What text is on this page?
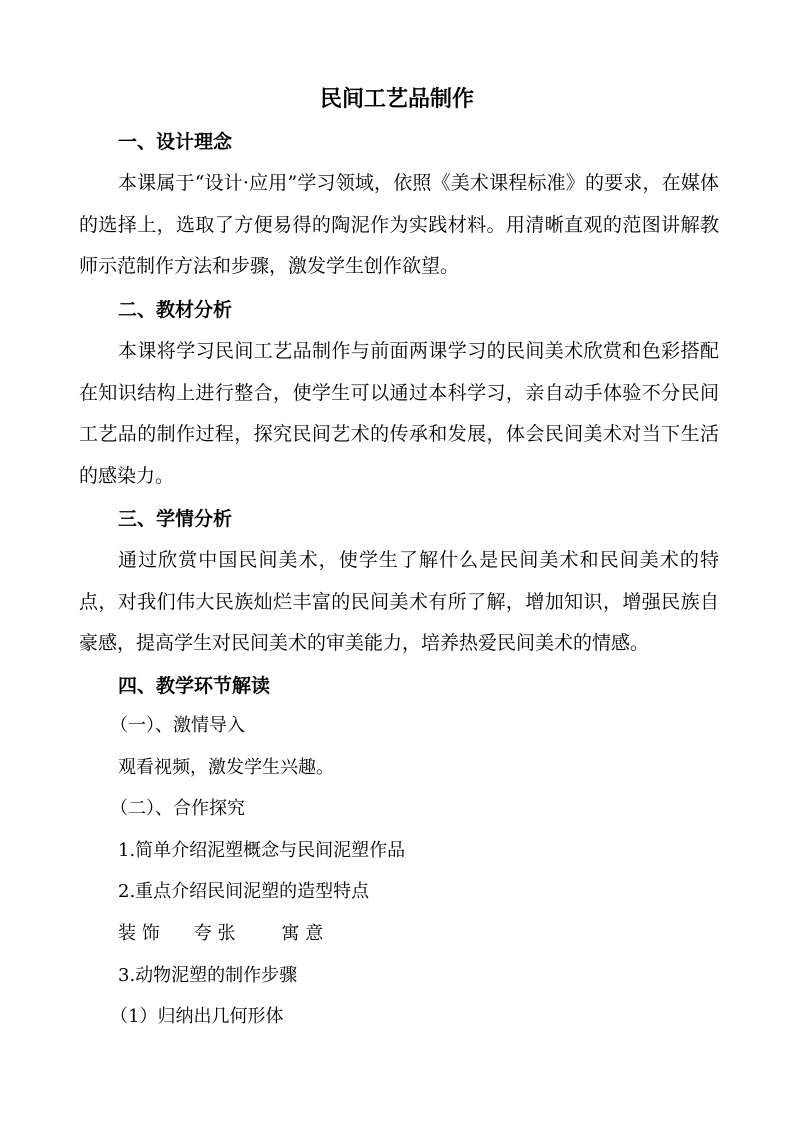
民间工艺品制作
一、设计理念

本课属于“设计·应用”学习领域，依照《美术课程标准》的要求，在媒体的选择上，选取了方便易得的陶泥作为实践材料。用清晰直观的范图讲解教师示范制作方法和步骤，激发学生创作欲望。

二、教材分析

本课将学习民间工艺品制作与前面两课学习的民间美术欣赏和色彩搭配在知识结构上进行整合，使学生可以通过本科学习，亲自动手体验不分民间工艺品的制作过程，探究民间艺术的传承和发展，体会民间美术对当下生活的感染力。

三、学情分析

通过欣赏中国民间美术，使学生了解什么是民间美术和民间美术的特点，对我们伟大民族灿烂丰富的民间美术有所了解，增加知识，增强民族自豪感，提高学生对民间美术的审美能力，培养热爱民间美术的情感。

四、教学环节解读
（一）、激情导入
观看视频，激发学生兴趣。
（二）、合作探究
1.简单介绍泥塑概念与民间泥塑作品
2.重点介绍民间泥塑的造型特点
装 饰 夸 张	寓 意
3.动物泥塑的制作步骤
（1）归纳出几何形体
